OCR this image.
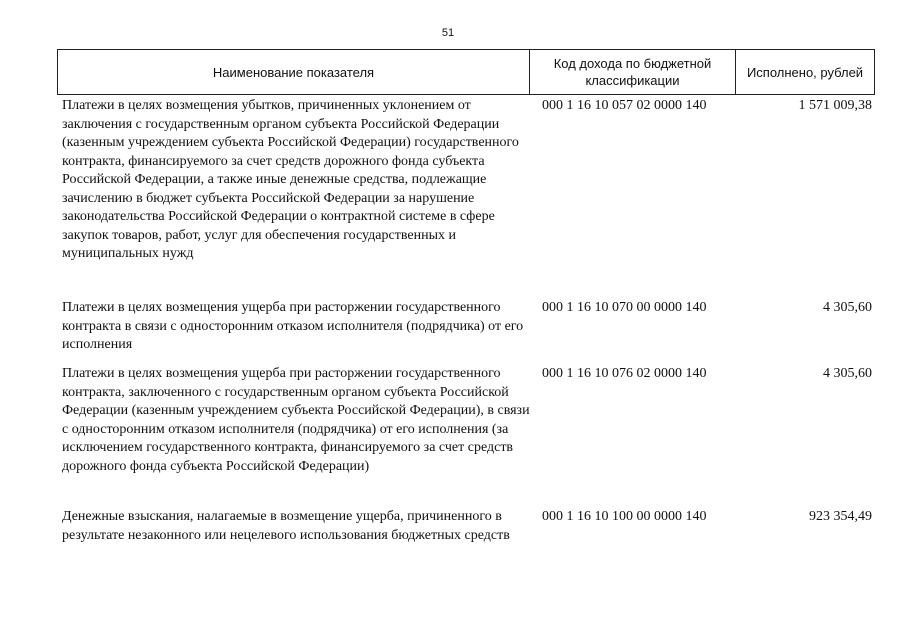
51
Наименование показателя
Код дохода по бюджетной классификации
Исполнено, рублей
Платежи в целях возмещения убытков, причиненных уклонением от заключения с государственным органом субъекта Российской Федерации (казенным учреждением субъекта Российской Федерации) государственного контракта, финансируемого за счет средств дорожного фонда субъекта Российской Федерации, а также иные денежные средства, подлежащие зачислению в бюджет субъекта Российской Федерации за нарушение законодательства Российской Федерации о контрактной системе в сфере закупок товаров, работ, услуг для обеспечения государственных и муниципальных нужд
000 1 16 10 057 02 0000 140	1 571 009,38
Платежи в целях возмещения ущерба при расторжении государственного контракта в связи с односторонним отказом исполнителя (подрядчика) от его исполнения
000 1 16 10 070 00 0000 140	4 305,60
Платежи в целях возмещения ущерба при расторжении государственного контракта, заключенного с государственным органом субъекта Российской Федерации (казенным учреждением субъекта Российской Федерации), в связи с односторонним отказом исполнителя (подрядчика) от его исполнения (за исключением государственного контракта, финансируемого за счет средств дорожного фонда субъекта Российской Федерации)
000 1 16 10 076 02 0000 140	4 305,60
Денежные взыскания, налагаемые в возмещение ущерба, причиненного в результате незаконного или нецелевого использования бюджетных средств
000 1 16 10 100 00 0000 140	923 354,49
